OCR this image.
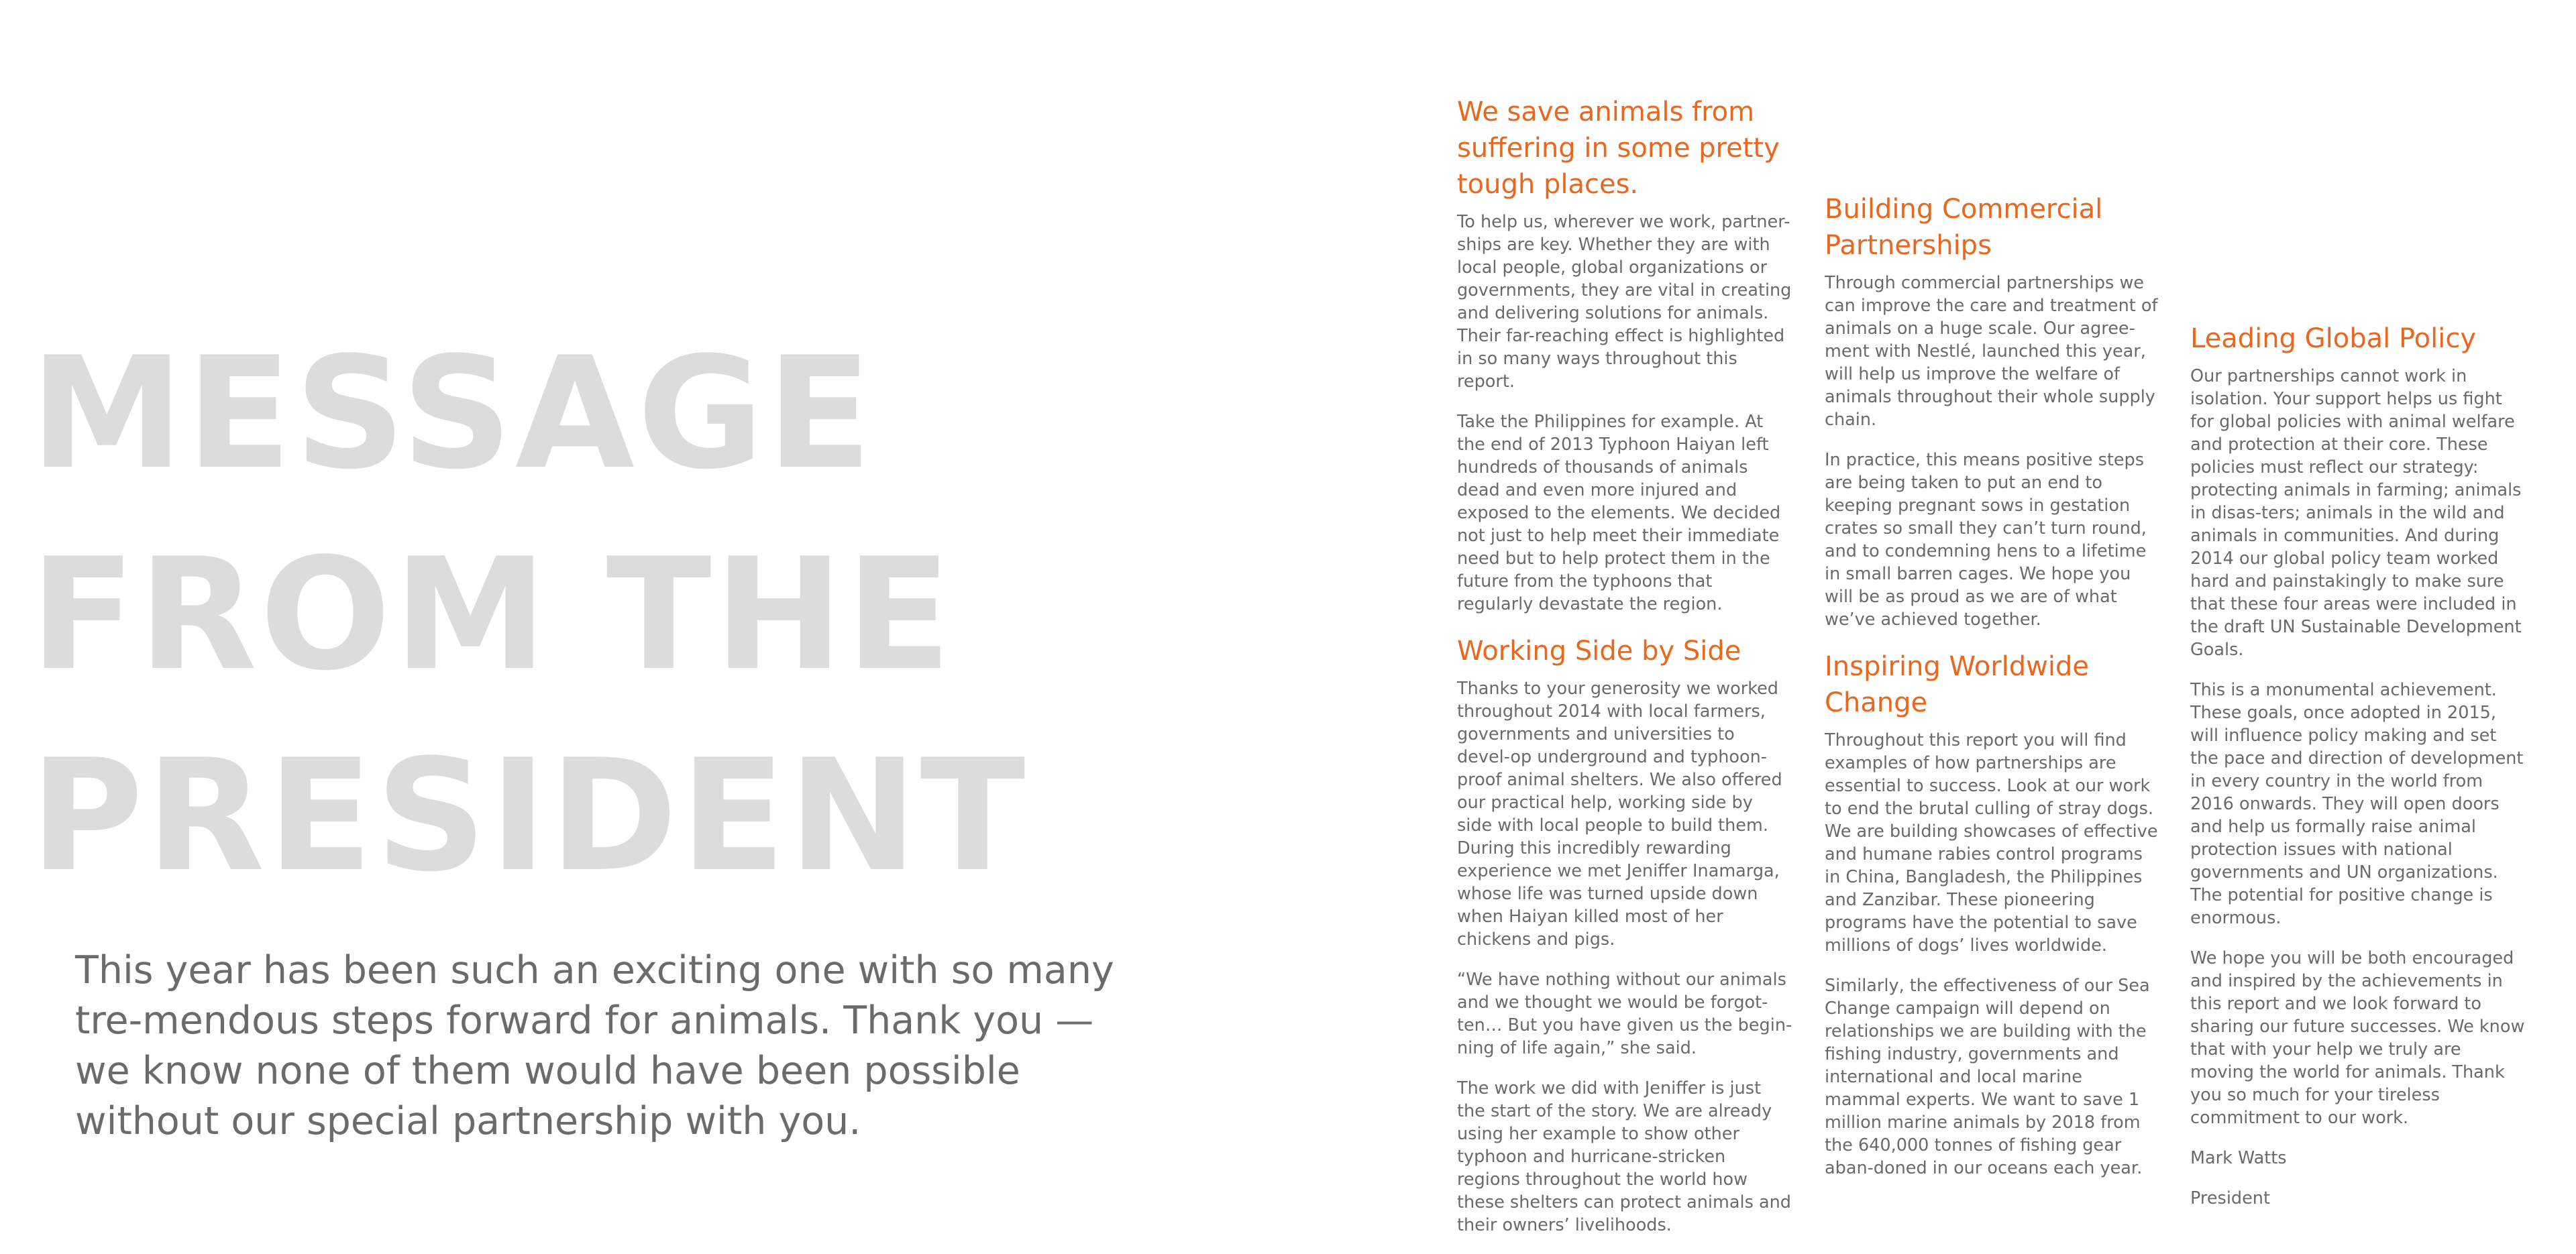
MESSAGE
FROM THE
PRESIDENT
This year has been such an exciting one with so many tre-mendous steps forward for animals. Thank you — we know none of them would have been possible without our special partnership with you.
We save animals from suffering in some pretty tough places.

To help us, wherever we work, partner-ships are key. Whether they are with local people, global organizations or governments, they are vital in creating and delivering solutions for animals. Their far-reaching effect is highlighted in so many ways throughout this report.

Take the Philippines for example. At the end of 2013 Typhoon Haiyan left hundreds of thousands of animals dead and even more injured and exposed to the elements. We decided not just to help meet their immediate need but to help protect them in the future from the typhoons that regularly devastate the region.

Working Side by Side

Thanks to your generosity we worked throughout 2014 with local farmers, governments and universities to devel-op underground and typhoon-proof animal shelters. We also offered our practical help, working side by side with local people to build them. During this incredibly rewarding experience we met Jeniffer Inamarga, whose life was turned upside down when Haiyan killed most of her chickens and pigs.

“We have nothing without our animals and we thought we would be forgot-ten… But you have given us the begin-ning of life again,” she said.

The work we did with Jeniffer is just the start of the story. We are already using her example to show other typhoon and hurricane-stricken regions throughout the world how these shelters can protect animals and their owners’ livelihoods.

Building Commercial Partnerships

Through commercial partnerships we can improve the care and treatment of animals on a huge scale. Our agree-ment with Nestlé, launched this year, will help us improve the welfare of animals throughout their whole supply chain.

In practice, this means positive steps are being taken to put an end to keeping pregnant sows in gestation crates so small they can’t turn round, and to condemning hens to a lifetime in small barren cages. We hope you will be as proud as we are of what we’ve achieved together.

Inspiring Worldwide Change

Throughout this report you will find examples of how partnerships are essential to success. Look at our work to end the brutal culling of stray dogs. We are building showcases of effective and humane rabies control programs in China, Bangladesh, the Philippines and Zanzibar. These pioneering programs have the potential to save millions of dogs’ lives worldwide.

Similarly, the effectiveness of our Sea Change campaign will depend on relationships we are building with the fishing industry, governments and international and local marine mammal experts. We want to save 1 million marine animals by 2018 from the 640,000 tonnes of fishing gear aban-doned in our oceans each year.

Leading Global Policy

Our partnerships cannot work in isolation. Your support helps us fight for global policies with animal welfare and protection at their core. These policies must reflect our strategy: protecting animals in farming; animals in disas-ters; animals in the wild and animals in communities. And during 2014 our global policy team worked hard and painstakingly to make sure that these four areas were included in the draft UN Sustainable Development Goals.

This is a monumental achievement. These goals, once adopted in 2015, will influence policy making and set the pace and direction of development in every country in the world from 2016 onwards. They will open doors and help us formally raise animal protection issues with national governments and UN organizations. The potential for positive change is enormous.

We hope you will be both encouraged and inspired by the achievements in this report and we look forward to sharing our future successes. We know that with your help we truly are moving the world for animals. Thank you so much for your tireless commitment to our work.

Mark Watts

President
